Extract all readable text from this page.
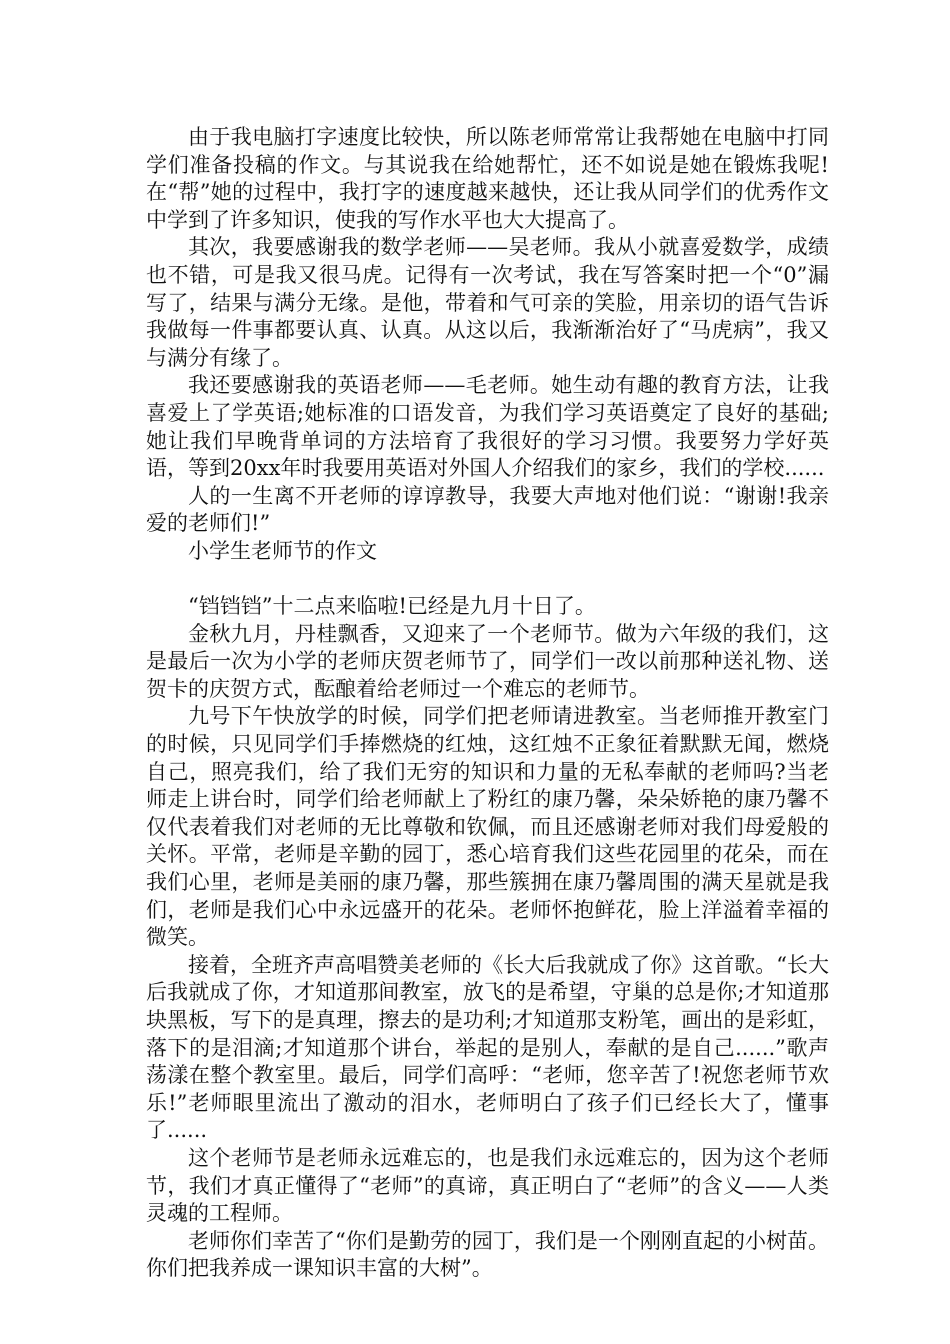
由于我电脑打字速度比较快，所以陈老师常常让我帮她在电脑中打同学们准备投稿的作文。与其说我在给她帮忙，还不如说是她在锻炼我呢!在“帮”她的过程中，我打字的速度越来越快，还让我从同学们的优秀作文中学到了许多知识，使我的写作水平也大大提高了。

其次，我要感谢我的数学老师——吴老师。我从小就喜爱数学，成绩也不错，可是我又很马虎。记得有一次考试，我在写答案时把一个“0”漏写了，结果与满分无缘。是他，带着和气可亲的笑脸，用亲切的语气告诉我做每一件事都要认真、认真。从这以后，我渐渐治好了“马虎病”，我又与满分有缘了。

我还要感谢我的英语老师——毛老师。她生动有趣的教育方法，让我喜爱上了学英语;她标准的口语发音，为我们学习英语奠定了良好的基础;她让我们早晚背单词的方法培育了我很好的学习习惯。我要努力学好英语，等到20xx年时我要用英语对外国人介绍我们的家乡，我们的学校......

人的一生离不开老师的谆谆教导，我要大声地对他们说：“谢谢!我亲爱的老师们!”

小学生老师节的作文

“铛铛铛”十二点来临啦!已经是九月十日了。

金秋九月，丹桂飘香，又迎来了一个老师节。做为六年级的我们，这是最后一次为小学的老师庆贺老师节了，同学们一改以前那种送礼物、送贺卡的庆贺方式，酝酿着给老师过一个难忘的老师节。

九号下午快放学的时候，同学们把老师请进教室。当老师推开教室门的时候，只见同学们手捧燃烧的红烛，这红烛不正象征着默默无闻，燃烧自己，照亮我们，给了我们无穷的知识和力量的无私奉献的老师吗?当老师走上讲台时，同学们给老师献上了粉红的康乃馨，朵朵娇艳的康乃馨不仅代表着我们对老师的无比尊敬和钦佩，而且还感谢老师对我们母爱般的关怀。平常，老师是辛勤的园丁，悉心培育我们这些花园里的花朵，而在我们心里，老师是美丽的康乃馨，那些簇拥在康乃馨周围的满天星就是我们，老师是我们心中永远盛开的花朵。老师怀抱鲜花，脸上洋溢着幸福的微笑。

接着，全班齐声高唱赞美老师的《长大后我就成了你》这首歌。“长大后我就成了你，才知道那间教室，放飞的是希望，守巢的总是你;才知道那块黑板，写下的是真理，擦去的是功利;才知道那支粉笔，画出的是彩虹，落下的是泪滴;才知道那个讲台，举起的是别人，奉献的是自己......”歌声荡漾在整个教室里。最后，同学们高呼：“老师，您辛苦了!祝您老师节欢乐!”老师眼里流出了激动的泪水，老师明白了孩子们已经长大了，懂事了......

这个老师节是老师永远难忘的，也是我们永远难忘的，因为这个老师节，我们才真正懂得了“老师”的真谛，真正明白了“老师”的含义——人类灵魂的工程师。

老师你们幸苦了“你们是勤劳的园丁，我们是一个刚刚直起的小树苗。你们把我养成一课知识丰富的大树”。
